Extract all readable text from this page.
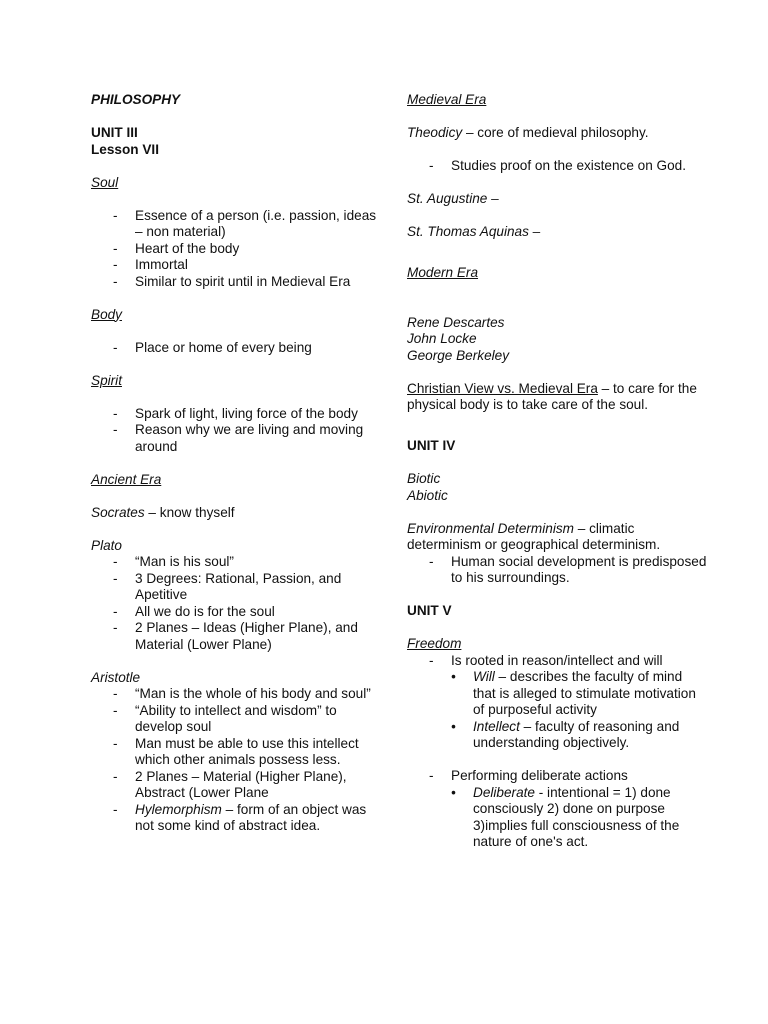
PHILOSOPHY

UNIT III

Lesson VII

Soul

- Essence of a person (i.e. passion, ideas – non material)
- Heart of the body
- Immortal
- Similar to spirit until in Medieval Era

Body

- Place or home of every being

Spirit

- Spark of light, living force of the body
- Reason why we are living and moving around

Ancient Era

Socrates – know thyself

Plato

- “Man is his soul”
- 3 Degrees: Rational, Passion, and Apetitive
- All we do is for the soul
- 2 Planes – Ideas (Higher Plane), and Material (Lower Plane)

Aristotle

- “Man is the whole of his body and soul”
- “Ability to intellect and wisdom” to develop soul
- Man must be able to use this intellect which other animals possess less.
- 2 Planes – Material (Higher Plane), Abstract (Lower Plane
- Hylemorphism – form of an object was not some kind of abstract idea.

Medieval Era

Theodicy – core of medieval philosophy.

- Studies proof on the existence on God.

St. Augustine –

St. Thomas Aquinas –

Modern Era

Rene Descartes

John Locke

George Berkeley

Christian View vs. Medieval Era – to care for the physical body is to take care of the soul.

UNIT IV

Biotic

Abiotic

Environmental Determinism – climatic determinism or geographical determinism.

- Human social development is predisposed to his surroundings.

UNIT V

Freedom

- Is rooted in reason/intellect and will
• Will – describes the faculty of mind that is alleged to stimulate motivation of purposeful activity
• Intellect – faculty of reasoning and understanding objectively.
- Performing deliberate actions
• Deliberate - intentional = 1) done consciously 2) done on purpose 3)implies full consciousness of the nature of one's act.
